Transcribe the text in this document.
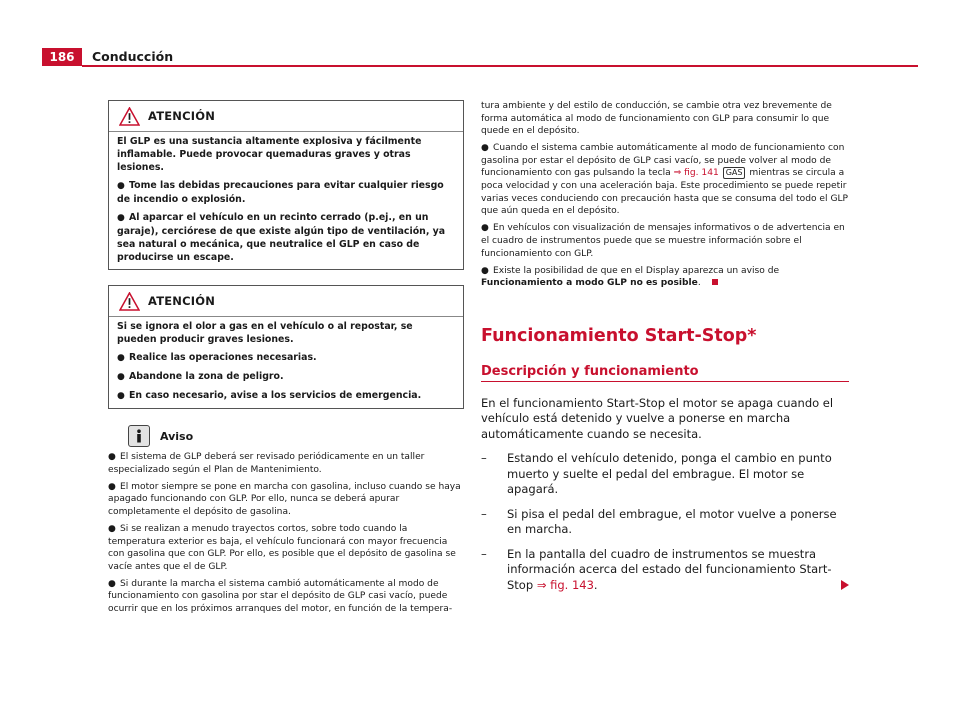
186	Conducción
ATENCIÓN

El GLP es una sustancia altamente explosiva y fácilmente inflamable. Puede provocar quemaduras graves y otras lesiones.

● Tome las debidas precauciones para evitar cualquier riesgo de incendio o explosión.

● Al aparcar el vehículo en un recinto cerrado (p.ej., en un garaje), cerciórese de que existe algún tipo de ventilación, ya sea natural o mecánica, que neutralice el GLP en caso de producirse un escape.

ATENCIÓN

Si se ignora el olor a gas en el vehículo o al repostar, se pueden producir graves lesiones.

● Realice las operaciones necesarias.

● Abandone la zona de peligro.

● En caso necesario, avise a los servicios de emergencia.

Aviso

● El sistema de GLP deberá ser revisado periódicamente en un taller especializado según el Plan de Mantenimiento.

● El motor siempre se pone en marcha con gasolina, incluso cuando se haya apagado funcionando con GLP. Por ello, nunca se deberá apurar completamente el depósito de gasolina.

● Si se realizan a menudo trayectos cortos, sobre todo cuando la temperatura exterior es baja, el vehículo funcionará con mayor frecuencia con gasolina que con GLP. Por ello, es posible que el depósito de gasolina se vacíe antes que el de GLP.

● Si durante la marcha el sistema cambió automáticamente al modo de funcionamiento con gasolina por star el depósito de GLP casi vacío, puede ocurrir que en los próximos arranques del motor, en función de la tempera-

tura ambiente y del estilo de conducción, se cambie otra vez brevemente de forma automática al modo de funcionamiento con GLP para consumir lo que quede en el depósito.

● Cuando el sistema cambie automáticamente al modo de funcionamiento con gasolina por estar el depósito de GLP casi vacío, se puede volver al modo de funcionamiento con gas pulsando la tecla ⇒ fig. 141 GAS mientras se circula a poca velocidad y con una aceleración baja. Este procedimiento se puede repetir varias veces conduciendo con precaución hasta que se consuma del todo el GLP que aún queda en el depósito.

● En vehículos con visualización de mensajes informativos o de advertencia en el cuadro de instrumentos puede que se muestre información sobre el funcionamiento con GLP.

● Existe la posibilidad de que en el Display aparezca un aviso de Funcionamiento a modo GLP no es posible.

Funcionamiento Start-Stop*
Descripción y funcionamiento

En el funcionamiento Start-Stop el motor se apaga cuando el vehículo está detenido y vuelve a ponerse en marcha automáticamente cuando se necesita.

–	Estando el vehículo detenido, ponga el cambio en punto muerto y suelte el pedal del embrague. El motor se apagará.
–	Si pisa el pedal del embrague, el motor vuelve a ponerse en marcha.
–	En la pantalla del cuadro de instrumentos se muestra información acerca del estado del funcionamiento Start-Stop ⇒ fig. 143.
